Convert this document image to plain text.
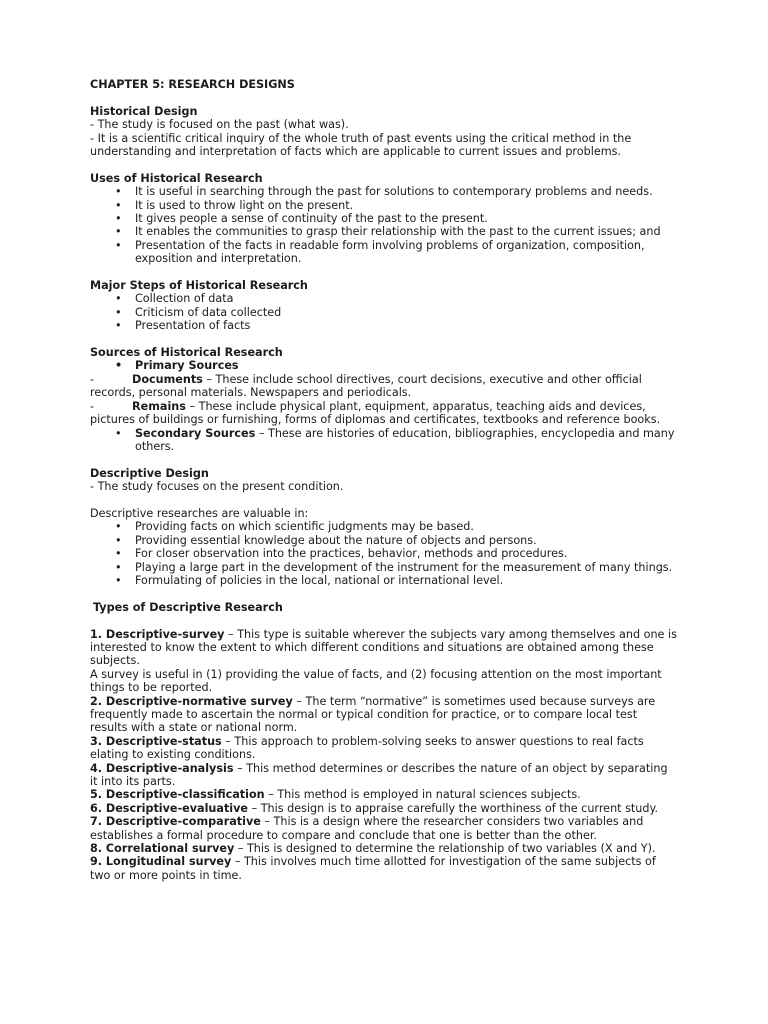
CHAPTER 5: RESEARCH DESIGNS

Historical Design

- The study is focused on the past (what was).

- It is a scientific critical inquiry of the whole truth of past events using the critical method in the understanding and interpretation of facts which are applicable to current issues and problems.

Uses of Historical Research

• It is useful in searching through the past for solutions to contemporary problems and needs.
• It is used to throw light on the present.
• It gives people a sense of continuity of the past to the present.
• It enables the communities to grasp their relationship with the past to the current issues; and
• Presentation of the facts in readable form involving problems of organization, composition, exposition and interpretation.

Major Steps of Historical Research

• Collection of data
• Criticism of data collected
• Presentation of facts

Sources of Historical Research

• Primary Sources

-	Documents – These include school directives, court decisions, executive and other official records, personal materials. Newspapers and periodicals.

-	Remains – These include physical plant, equipment, apparatus, teaching aids and devices, pictures of buildings or furnishing, forms of diplomas and certificates, textbooks and reference books.

• Secondary Sources – These are histories of education, bibliographies, encyclopedia and many others.

Descriptive Design

- The study focuses on the present condition.

Descriptive researches are valuable in:

• Providing facts on which scientific judgments may be based.
• Providing essential knowledge about the nature of objects and persons.
• For closer observation into the practices, behavior, methods and procedures.
• Playing a large part in the development of the instrument for the measurement of many things.
• Formulating of policies in the local, national or international level.

Types of Descriptive Research

1. Descriptive-survey – This type is suitable wherever the subjects vary among themselves and one is interested to know the extent to which different conditions and situations are obtained among these subjects.

A survey is useful in (1) providing the value of facts, and (2) focusing attention on the most important things to be reported.

2. Descriptive-normative survey – The term “normative” is sometimes used because surveys are frequently made to ascertain the normal or typical condition for practice, or to compare local test results with a state or national norm.

3. Descriptive-status – This approach to problem-solving seeks to answer questions to real facts elating to existing conditions.

4. Descriptive-analysis – This method determines or describes the nature of an object by separating it into its parts.

5. Descriptive-classification – This method is employed in natural sciences subjects.

6. Descriptive-evaluative – This design is to appraise carefully the worthiness of the current study.

7. Descriptive-comparative – This is a design where the researcher considers two variables and establishes a formal procedure to compare and conclude that one is better than the other.

8. Correlational survey – This is designed to determine the relationship of two variables (X and Y).

9. Longitudinal survey – This involves much time allotted for investigation of the same subjects of two or more points in time.
